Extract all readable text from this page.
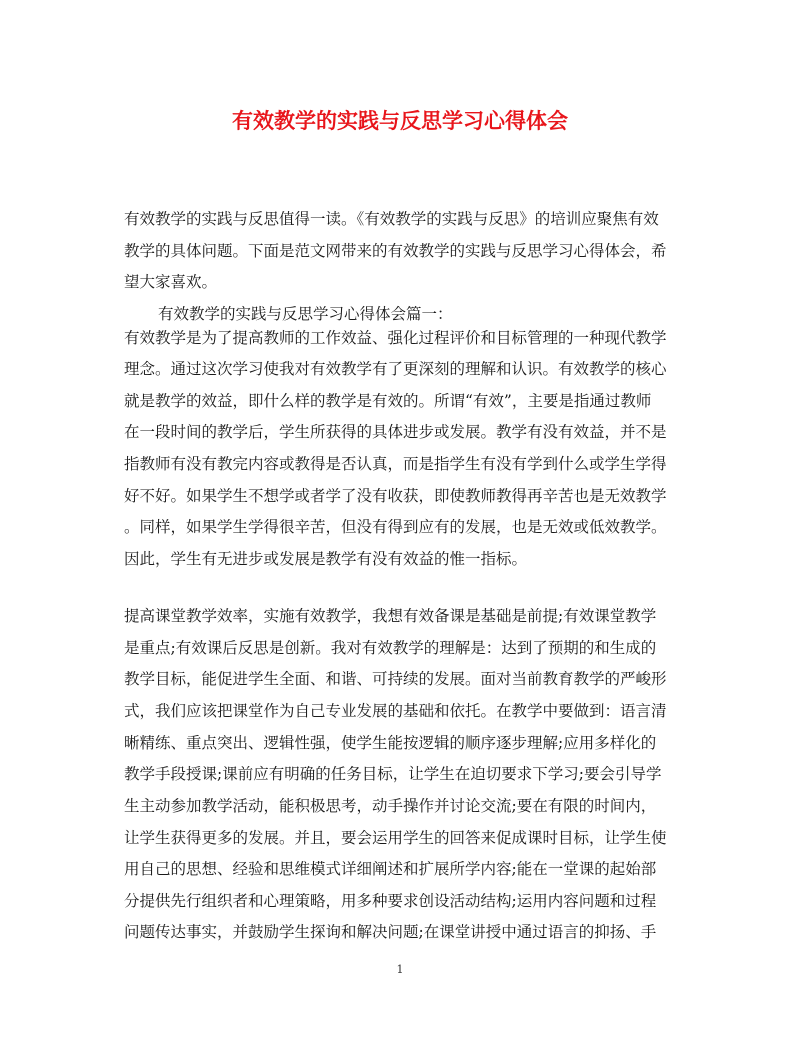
有效教学的实践与反思学习心得体会
有效教学的实践与反思值得一读。《有效教学的实践与反思》的培训应聚焦有效
教学的具体问题。下面是范文网带来的有效教学的实践与反思学习心得体会，希
望大家喜欢。
有效教学的实践与反思学习心得体会篇一：
有效教学是为了提高教师的工作效益、强化过程评价和目标管理的一种现代教学
理念。通过这次学习使我对有效教学有了更深刻的理解和认识。有效教学的核心
就是教学的效益，即什么样的教学是有效的。所谓“有效”，主要是指通过教师
在一段时间的教学后，学生所获得的具体进步或发展。教学有没有效益，并不是
指教师有没有教完内容或教得是否认真，而是指学生有没有学到什么或学生学得
好不好。如果学生不想学或者学了没有收获，即使教师教得再辛苦也是无效教学
。同样，如果学生学得很辛苦，但没有得到应有的发展，也是无效或低效教学。
因此，学生有无进步或发展是教学有没有效益的惟一指标。
提高课堂教学效率，实施有效教学，我想有效备课是基础是前提;有效课堂教学
是重点;有效课后反思是创新。我对有效教学的理解是：达到了预期的和生成的
教学目标，能促进学生全面、和谐、可持续的发展。面对当前教育教学的严峻形
式，我们应该把课堂作为自己专业发展的基础和依托。在教学中要做到：语言清
晰精练、重点突出、逻辑性强，使学生能按逻辑的顺序逐步理解;应用多样化的
教学手段授课;课前应有明确的任务目标，让学生在迫切要求下学习;要会引导学
生主动参加教学活动，能积极思考，动手操作并讨论交流;要在有限的时间内，
让学生获得更多的发展。并且，要会运用学生的回答来促成课时目标，让学生使
用自己的思想、经验和思维模式详细阐述和扩展所学内容;能在一堂课的起始部
分提供先行组织者和心理策略，用多种要求创设活动结构;运用内容问题和过程
问题传达事实，并鼓励学生探询和解决问题;在课堂讲授中通过语言的抑扬、手
1
